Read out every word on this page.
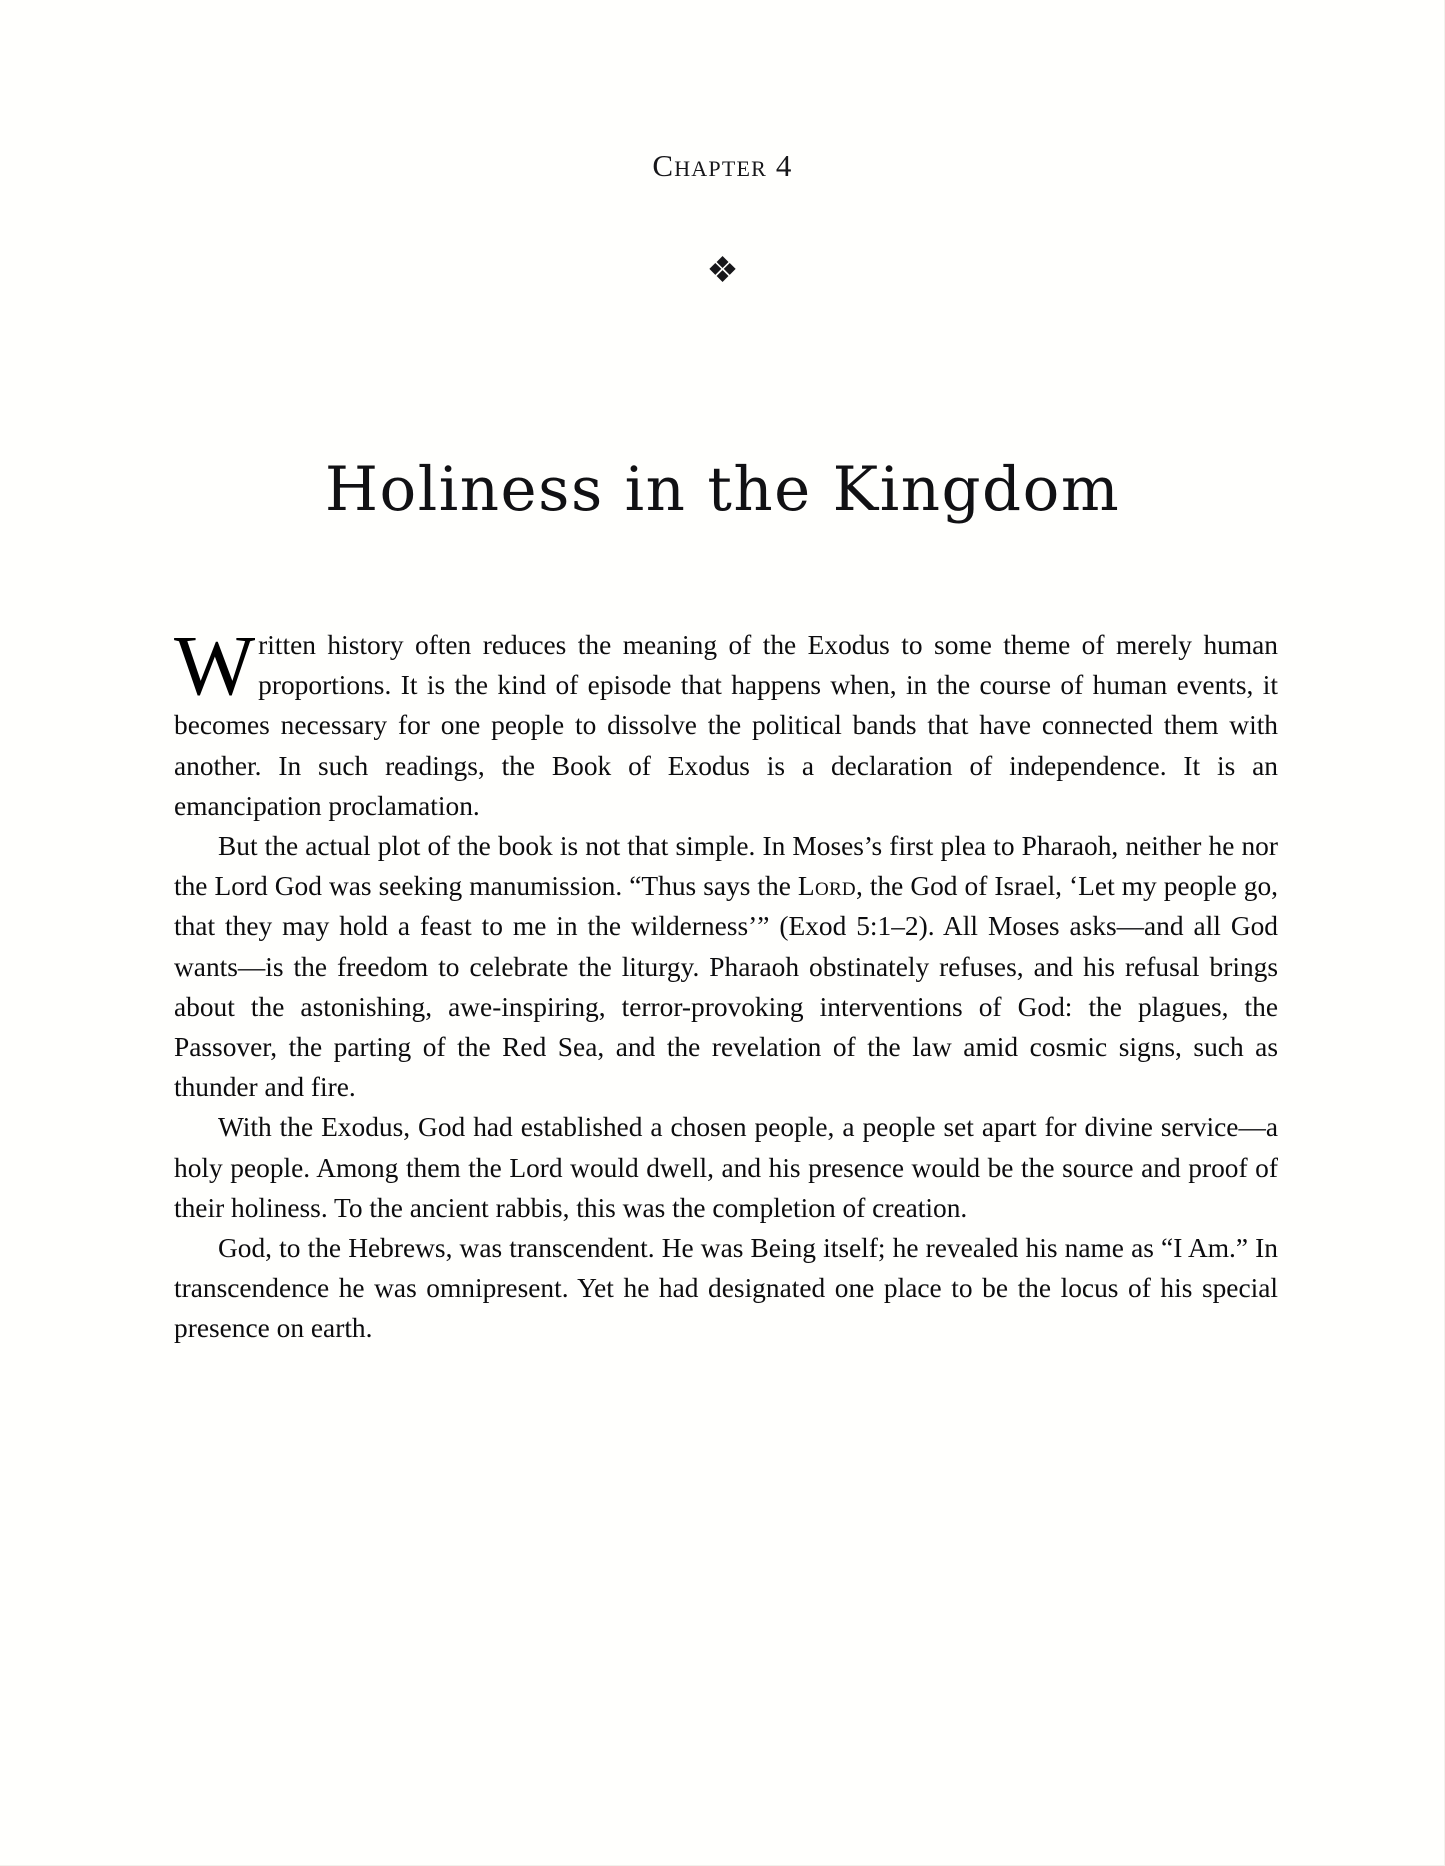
Chapter 4
❖
Holiness in the Kingdom

Written history often reduces the meaning of the Exodus to some theme of merely human proportions. It is the kind of episode that happens when, in the course of human events, it becomes necessary for one people to dissolve the political bands that have connected them with another. In such readings, the Book of Exodus is a declaration of independence. It is an emancipation proclamation.

But the actual plot of the book is not that simple. In Moses’s first plea to Pharaoh, neither he nor the Lord God was seeking manumission. “Thus says the Lord, the God of Israel, ‘Let my people go, that they may hold a feast to me in the wilderness’” (Exod 5:1–2). All Moses asks—and all God wants—is the freedom to celebrate the liturgy. Pharaoh obstinately refuses, and his refusal brings about the astonishing, awe-inspiring, terror-provoking interventions of God: the plagues, the Passover, the parting of the Red Sea, and the revelation of the law amid cosmic signs, such as thunder and fire.

With the Exodus, God had established a chosen people, a people set apart for divine service—a holy people. Among them the Lord would dwell, and his presence would be the source and proof of their holiness. To the ancient rabbis, this was the completion of creation.

God, to the Hebrews, was transcendent. He was Being itself; he revealed his name as “I Am.” In transcendence he was omnipresent. Yet he had designated one place to be the locus of his special presence on earth.
